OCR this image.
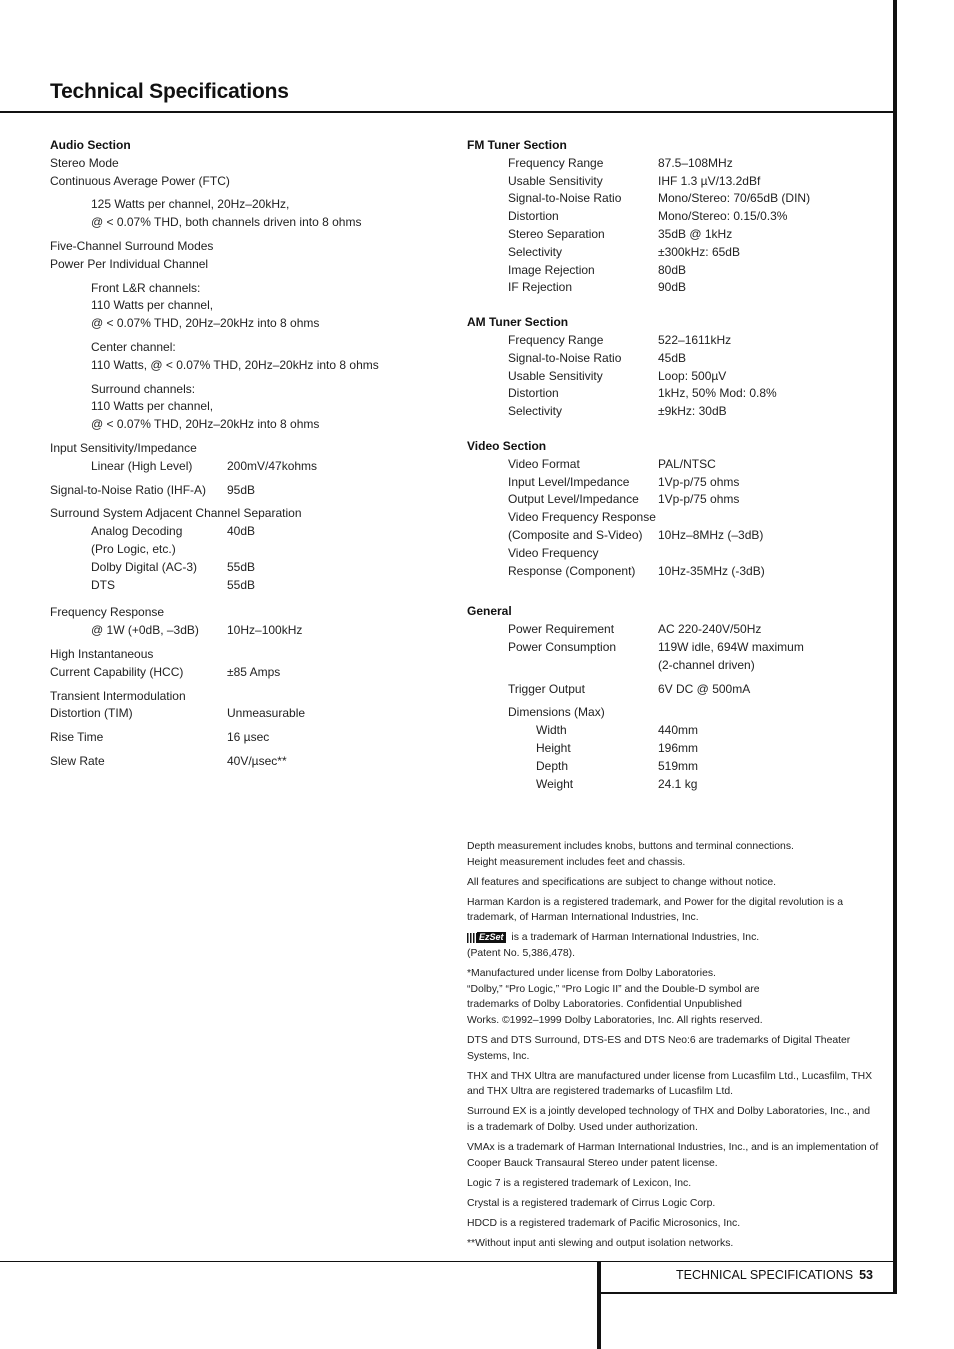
Technical Specifications
Audio Section
Stereo Mode
Continuous Average Power (FTC)
125 Watts per channel, 20Hz–20kHz,
@ < 0.07% THD, both channels driven into 8 ohms
Five-Channel Surround Modes
Power Per Individual Channel
Front L&R channels:
110 Watts per channel,
@ < 0.07% THD, 20Hz–20kHz into 8 ohms
Center channel:
110 Watts, @ < 0.07% THD, 20Hz–20kHz into 8 ohms
Surround channels:
110 Watts per channel,
@ < 0.07% THD, 20Hz–20kHz into 8 ohms
Input Sensitivity/Impedance
Linear (High Level)	200mV/47kohms
Signal-to-Noise Ratio (IHF-A)	95dB
Surround System Adjacent Channel Separation
Analog Decoding	40dB
(Pro Logic, etc.)
Dolby Digital (AC-3)	55dB
DTS	55dB
Frequency Response
@ 1W (+0dB, –3dB)	10Hz–100kHz
High Instantaneous
Current Capability (HCC)	±85 Amps
Transient Intermodulation
Distortion (TIM)	Unmeasurable
Rise Time	16 µsec
Slew Rate	40V/µsec**
FM Tuner Section
Frequency Range	87.5–108MHz
Usable Sensitivity	IHF 1.3 µV/13.2dBf
Signal-to-Noise Ratio	Mono/Stereo: 70/65dB (DIN)
Distortion	Mono/Stereo: 0.15/0.3%
Stereo Separation	35dB @ 1kHz
Selectivity	±300kHz: 65dB
Image Rejection	80dB
IF Rejection	90dB
AM Tuner Section
Frequency Range	522–1611kHz
Signal-to-Noise Ratio	45dB
Usable Sensitivity	Loop: 500µV
Distortion	1kHz, 50% Mod: 0.8%
Selectivity	±9kHz: 30dB
Video Section
Video Format	PAL/NTSC
Input Level/Impedance	1Vp-p/75 ohms
Output Level/Impedance	1Vp-p/75 ohms
Video Frequency Response
(Composite and S-Video)	10Hz–8MHz (–3dB)
Video Frequency
Response (Component)	10Hz-35MHz (-3dB)
General
Power Requirement	AC 220-240V/50Hz
Power Consumption	119W idle, 694W maximum
(2-channel driven)
Trigger Output	6V DC @ 500mA
Dimensions (Max)
Width	440mm
Height	196mm
Depth	519mm
Weight	24.1 kg

Depth measurement includes knobs, buttons and terminal connections.
Height measurement includes feet and chassis.

All features and specifications are subject to change without notice.

Harman Kardon is a registered trademark, and Power for the digital revolution is a trademark, of Harman International Industries, Inc.

EzSet is a trademark of Harman International Industries, Inc.
(Patent No. 5,386,478).

*Manufactured under license from Dolby Laboratories.
“Dolby,” “Pro Logic,” “Pro Logic II” and the Double-D symbol are
trademarks of Dolby Laboratories. Confidential Unpublished
Works. ©1992–1999 Dolby Laboratories, Inc. All rights reserved.

DTS and DTS Surround, DTS-ES and DTS Neo:6 are trademarks of Digital Theater Systems, Inc.

THX and THX Ultra are manufactured under license from Lucasfilm Ltd., Lucasfilm, THX and THX Ultra are registered trademarks of Lucasfilm Ltd.

Surround EX is a jointly developed technology of THX and Dolby Laboratories, Inc., and is a trademark of Dolby. Used under authorization.

VMAx is a trademark of Harman International Industries, Inc., and is an implementation of Cooper Bauck Transaural Stereo under patent license.

Logic 7 is a registered trademark of Lexicon, Inc.

Crystal is a registered trademark of Cirrus Logic Corp.

HDCD is a registered trademark of Pacific Microsonics, Inc.

**Without input anti slewing and output isolation networks.

TECHNICAL SPECIFICATIONS 53
